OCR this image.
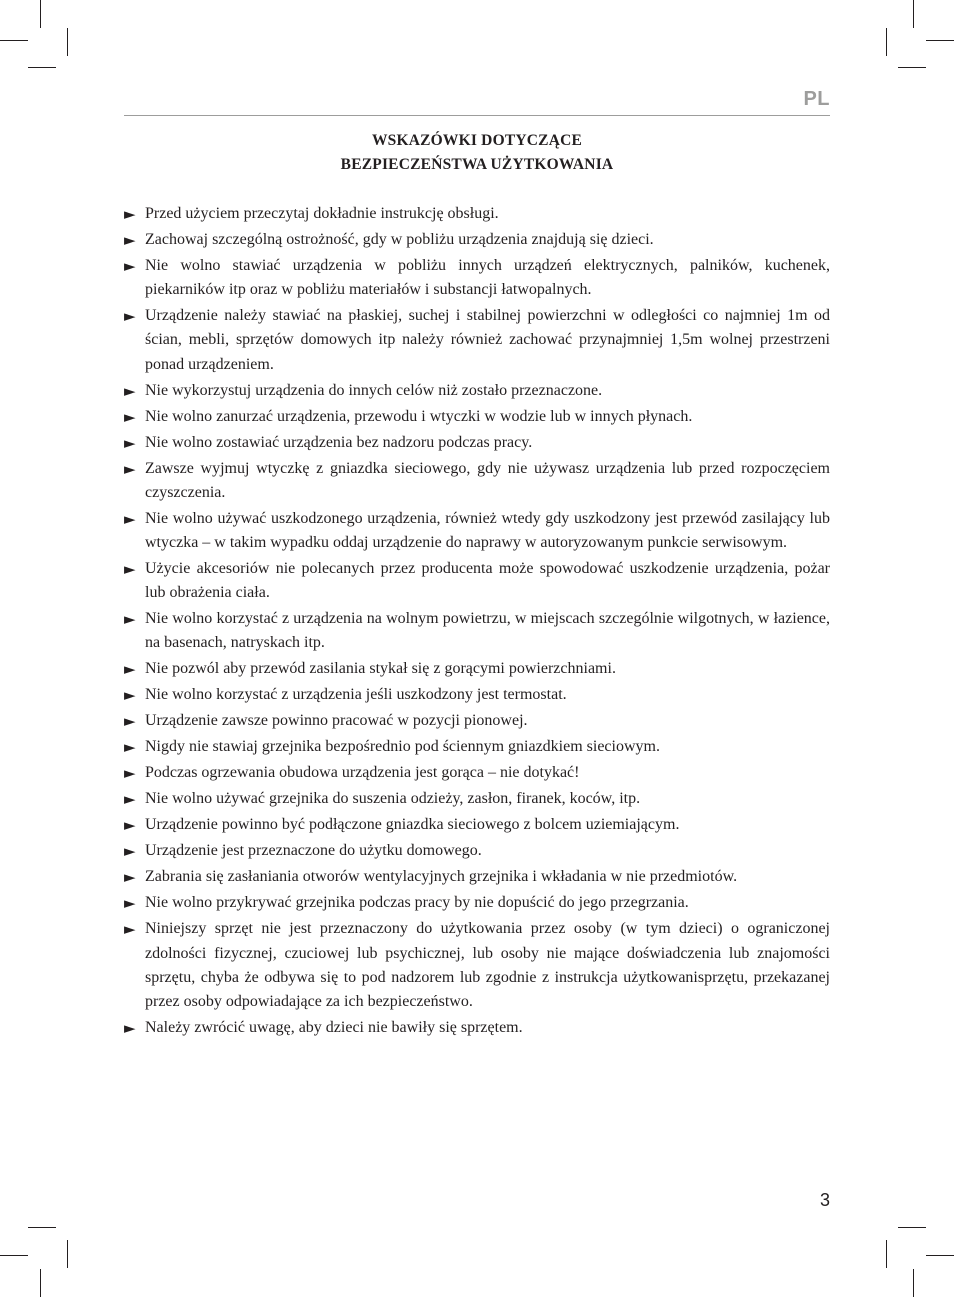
PL
WSKAZÓWKI DOTYCZĄCE
BEZPIECZEŃSTWA UŻYTKOWANIA
► Przed użyciem przeczytaj dokładnie instrukcję obsługi.
► Zachowaj szczególną ostrożność, gdy w pobliżu urządzenia znajdują się dzieci.
► Nie wolno stawiać urządzenia w pobliżu innych urządzeń elektrycznych, palników, kuchenek, piekarników itp oraz w pobliżu materiałów i substancji łatwopalnych.
► Urządzenie należy stawiać na płaskiej, suchej i stabilnej powierzchni w odległości co najmniej 1m od ścian, mebli, sprzętów domowych itp należy również zachować przynajmniej 1,5m wolnej przestrzeni ponad urządzeniem.
► Nie wykorzystuj urządzenia do innych celów niż zostało przeznaczone.
► Nie wolno zanurzać urządzenia, przewodu i wtyczki w wodzie lub w innych płynach.
► Nie wolno zostawiać urządzenia bez nadzoru podczas pracy.
► Zawsze wyjmuj wtyczkę z gniazdka sieciowego, gdy nie używasz urządzenia lub przed rozpoczęciem czyszczenia.
► Nie wolno używać uszkodzonego urządzenia, również wtedy gdy uszkodzony jest przewód zasilający lub wtyczka – w takim wypadku oddaj urządzenie do naprawy w autoryzowanym punkcie serwisowym.
► Użycie akcesoriów nie polecanych przez producenta może spowodować uszkodzenie urządzenia, pożar lub obrażenia ciała.
► Nie wolno korzystać z urządzenia na wolnym powietrzu, w miejscach szczególnie wilgotnych, w łazience, na basenach, natryskach itp.
► Nie pozwól aby przewód zasilania stykał się z gorącymi powierzchniami.
► Nie wolno korzystać z urządzenia jeśli uszkodzony jest termostat.
► Urządzenie zawsze powinno pracować w pozycji pionowej.
► Nigdy nie stawiaj grzejnika bezpośrednio pod ściennym gniazdkiem sieciowym.
► Podczas ogrzewania obudowa urządzenia jest gorąca – nie dotykać!
► Nie wolno używać grzejnika do suszenia odzieży, zasłon, firanek, koców, itp.
► Urządzenie powinno być podłączone gniazdka sieciowego z bolcem uziemiającym.
► Urządzenie jest przeznaczone do użytku domowego.
► Zabrania się zasłaniania otworów wentylacyjnych grzejnika i wkładania w nie przedmiotów.
► Nie wolno przykrywać grzejnika podczas pracy by nie dopuścić do jego przegrzania.
► Niniejszy sprzęt nie jest przeznaczony do użytkowania przez osoby (w tym dzieci) o ograniczonej zdolności fizycznej, czuciowej lub psychicznej, lub osoby nie mające doświadczenia lub znajomości sprzętu, chyba że odbywa się to pod nadzorem lub zgodnie z instrukcja użytkowanisprzętu, przekazanej przez osoby odpowiadające za ich bezpieczeństwo.
► Należy zwrócić uwagę, aby dzieci nie bawiły się sprzętem.
3
